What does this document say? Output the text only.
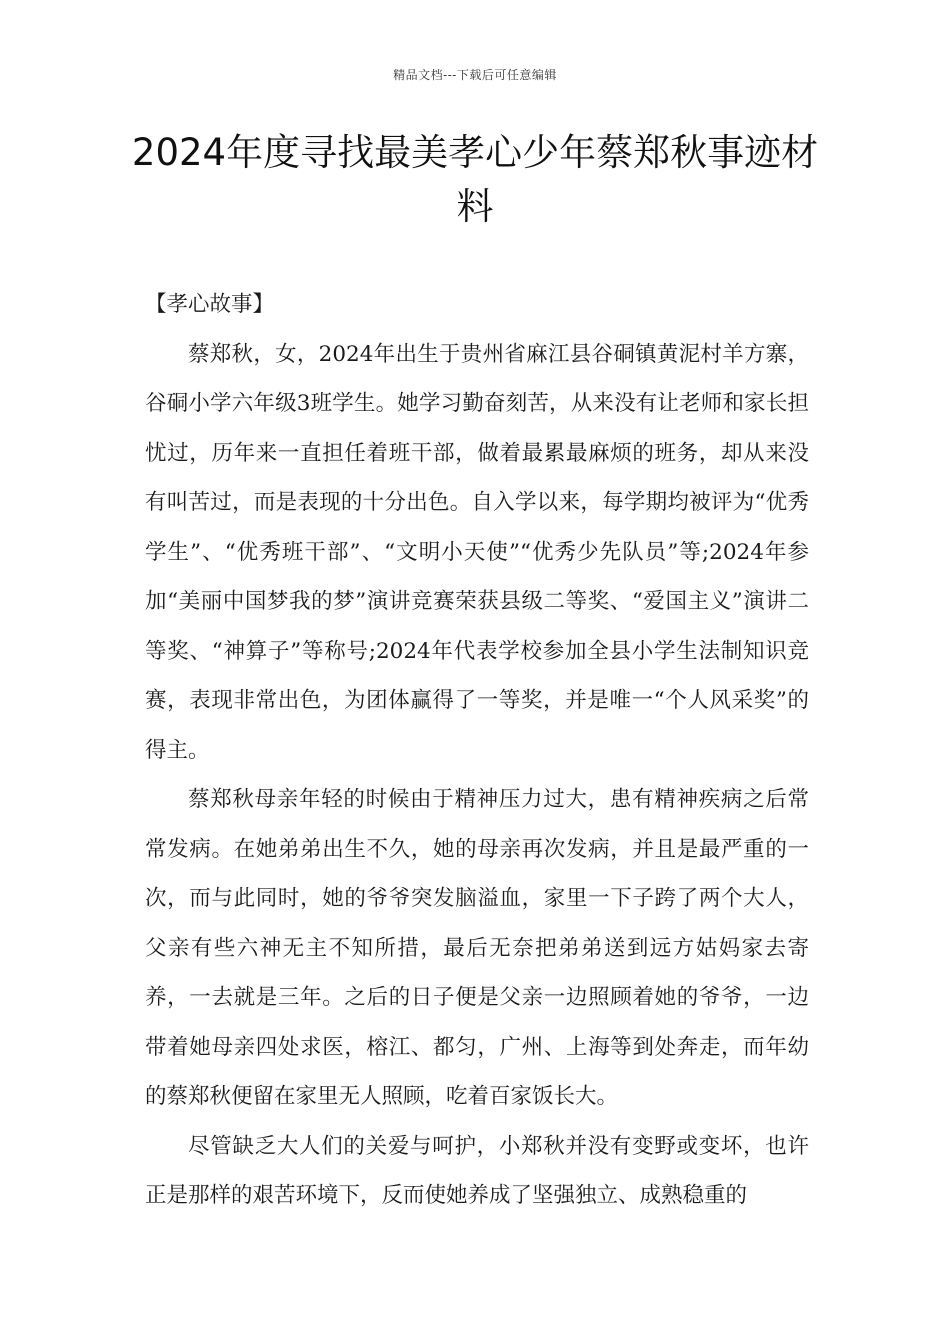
精品文档---下载后可任意编辑
2024年度寻找最美孝心少年蔡郑秋事迹材料

【孝心故事】

蔡郑秋，女，2024年出生于贵州省麻江县谷硐镇黄泥村羊方寨，谷硐小学六年级3班学生。她学习勤奋刻苦，从来没有让老师和家长担忧过，历年来一直担任着班干部，做着最累最麻烦的班务，却从来没有叫苦过，而是表现的十分出色。自入学以来，每学期均被评为“优秀学生”、“优秀班干部”、“文明小天使”“优秀少先队员”等;2024年参加“美丽中国梦我的梦”演讲竞赛荣获县级二等奖、“爱国主义”演讲二等奖、“神算子”等称号;2024年代表学校参加全县小学生法制知识竞赛，表现非常出色，为团体赢得了一等奖，并是唯一“个人风采奖”的得主。

蔡郑秋母亲年轻的时候由于精神压力过大，患有精神疾病之后常常发病。在她弟弟出生不久，她的母亲再次发病，并且是最严重的一次，而与此同时，她的爷爷突发脑溢血，家里一下子跨了两个大人，父亲有些六神无主不知所措，最后无奈把弟弟送到远方姑妈家去寄养，一去就是三年。之后的日子便是父亲一边照顾着她的爷爷，一边带着她母亲四处求医，榕江、都匀，广州、上海等到处奔走，而年幼的蔡郑秋便留在家里无人照顾，吃着百家饭长大。

尽管缺乏大人们的关爱与呵护，小郑秋并没有变野或变坏，也许正是那样的艰苦环境下，反而使她养成了坚强独立、成熟稳重的
